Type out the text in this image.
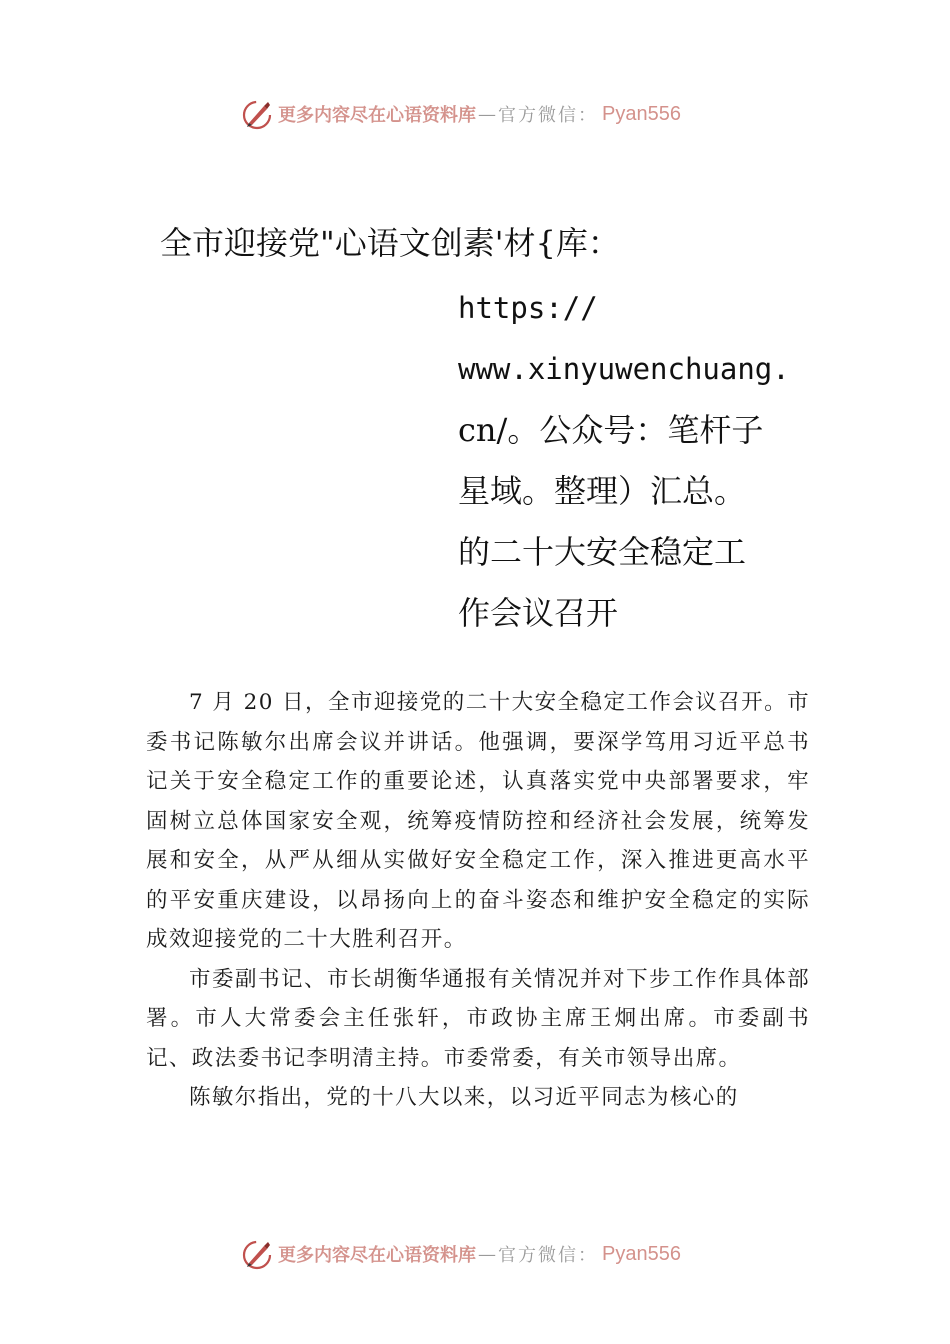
更多内容尽在心语资料库 — 官方微信： Pyan556
全市迎接党"心语文创素'材{库：
https://
www.xinyuwenchuang.
cn/。公众号：笔杆子
星域。整理）汇总。
的二十大安全稳定工
作会议召开

7 月 20 日，全市迎接党的二十大安全稳定工作会议召开。市委书记陈敏尔出席会议并讲话。他强调，要深学笃用习近平总书记关于安全稳定工作的重要论述，认真落实党中央部署要求，牢固树立总体国家安全观，统筹疫情防控和经济社会发展，统筹发展和安全，从严从细从实做好安全稳定工作，深入推进更高水平的平安重庆建设，以昂扬向上的奋斗姿态和维护安全稳定的实际成效迎接党的二十大胜利召开。

市委副书记、市长胡衡华通报有关情况并对下步工作作具体部署。市人大常委会主任张轩，市政协主席王炯出席。市委副书记、政法委书记李明清主持。市委常委，有关市领导出席。

陈敏尔指出，党的十八大以来，以习近平同志为核心的

更多内容尽在心语资料库 — 官方微信： Pyan556
